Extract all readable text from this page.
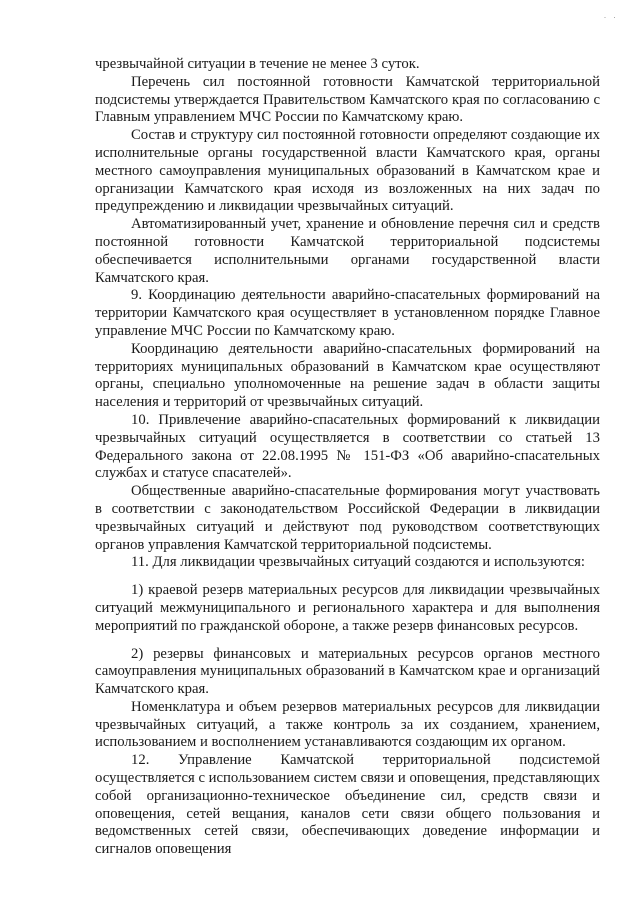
· ·

чрезвычайной ситуации в течение не менее 3 суток.

Перечень сил постоянной готовности Камчатской территориальной подсистемы утверждается Правительством Камчатского края по согласованию с Главным управлением МЧС России по Камчатскому краю.

Состав и структуру сил постоянной готовности определяют создающие их исполнительные органы государственной власти Камчатского края, органы местного самоуправления муниципальных образований в Камчатском крае и организации Камчатского края исходя из возложенных на них задач по предупреждению и ликвидации чрезвычайных ситуаций.

Автоматизированный учет, хранение и обновление перечня сил и средств постоянной готовности Камчатской территориальной подсистемы обеспечивается исполнительными органами государственной власти Камчатского края.

9. Координацию деятельности аварийно-спасательных формирований на территории Камчатского края осуществляет в установленном порядке Главное управление МЧС России по Камчатскому краю.

Координацию деятельности аварийно-спасательных формирований на территориях муниципальных образований в Камчатском крае осуществляют органы, специально уполномоченные на решение задач в области защиты населения и территорий от чрезвычайных ситуаций.

10. Привлечение аварийно-спасательных формирований к ликвидации чрезвычайных ситуаций осуществляется в соответствии со статьей 13 Федерального закона от 22.08.1995 № 151-ФЗ «Об аварийно-спасательных службах и статусе спасателей».

Общественные аварийно-спасательные формирования могут участвовать в соответствии с законодательством Российской Федерации в ликвидации чрезвычайных ситуаций и действуют под руководством соответствующих органов управления Камчатской территориальной подсистемы.

11. Для ликвидации чрезвычайных ситуаций создаются и используются:

1) краевой резерв материальных ресурсов для ликвидации чрезвычайных ситуаций межмуниципального и регионального характера и для выполнения мероприятий по гражданской обороне, а также резерв финансовых ресурсов.

2) резервы финансовых и материальных ресурсов органов местного самоуправления муниципальных образований в Камчатском крае и организаций Камчатского края.

Номенклатура и объем резервов материальных ресурсов для ликвидации чрезвычайных ситуаций, а также контроль за их созданием, хранением, использованием и восполнением устанавливаются создающим их органом.

12. Управление Камчатской территориальной подсистемой осуществляется с использованием систем связи и оповещения, представляющих собой организационно-техническое объединение сил, средств связи и оповещения, сетей вещания, каналов сети связи общего пользования и ведомственных сетей связи, обеспечивающих доведение информации и сигналов оповещения
